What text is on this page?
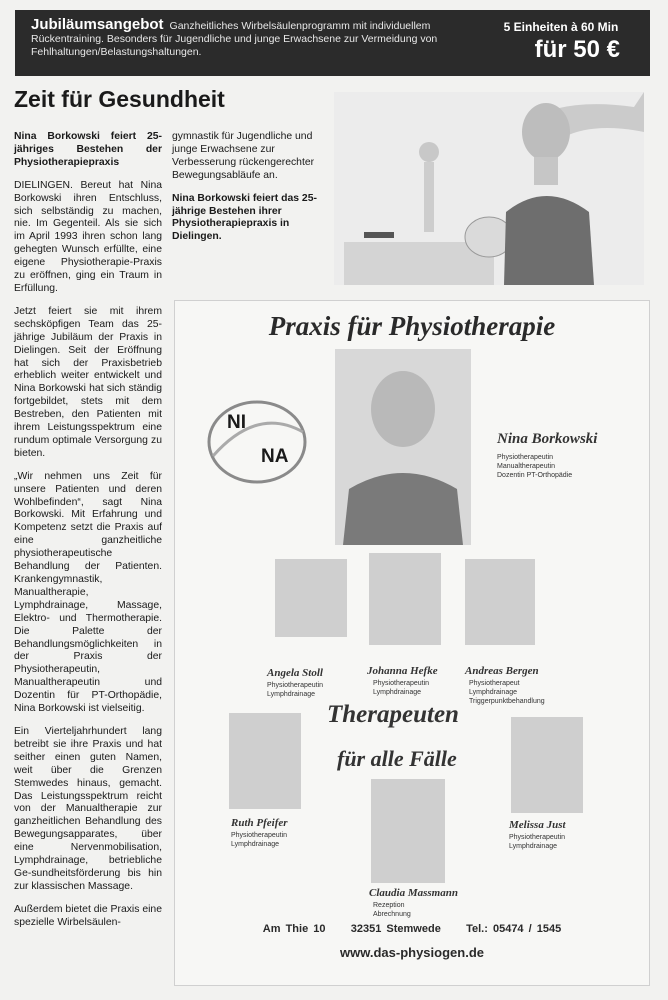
Jubiläumsangebot Ganzheitliches Wirbelsäulenprogramm mit individuellem Rückentraining. Besonders für Jugendliche und junge Erwachsene zur Vermeidung von Fehlhaltungen/Belastungshaltungen.
5 Einheiten à 60 Min
für 50 €
Zeit für Gesundheit

Nina Borkowski feiert 25-jähriges Bestehen der Physiotherapiepraxis

DIELINGEN. Bereut hat Nina Borkowski ihren Entschluss, sich selbständig zu machen, nie. Im Gegenteil. Als sie sich im April 1993 ihren schon lang gehegten Wunsch erfüllte, eine eigene Physiotherapie-Praxis zu eröffnen, ging ein Traum in Erfüllung.

Jetzt feiert sie mit ihrem sechsköpfigen Team das 25-jährige Jubiläum der Praxis in Dielingen. Seit der Eröffnung hat sich der Praxisbetrieb erheblich weiter entwickelt und Nina Borkowski hat sich ständig fortgebildet, stets mit dem Bestreben, den Patienten mit ihrem Leistungsspektrum eine rundum optimale Versorgung zu bieten.

„Wir nehmen uns Zeit für unsere Patienten und deren Wohlbefinden“, sagt Nina Borkowski. Mit Erfahrung und Kompetenz setzt die Praxis auf eine ganzheitliche physiotherapeutische Behandlung der Patienten. Krankengymnastik, Manualtherapie, Lymphdrainage, Massage, Elektro- und Thermotherapie. Die Palette der Behandlungsmöglichkeiten in der Praxis der Physiotherapeutin, Manualtherapeutin und Dozentin für PT-Orthopädie, Nina Borkowski ist vielseitig.

Ein Vierteljahrhundert lang betreibt sie ihre Praxis und hat seither einen guten Namen, weit über die Grenzen Stemwedes hinaus, gemacht. Das Leistungsspektrum reicht von der Manualtherapie zur ganzheitlichen Behandlung des Bewegungsapparates, über eine Nervenmobilisation, Lymphdrainage, betriebliche Ge-sundheitsförderung bis hin zur klassischen Massage.

Außerdem bietet die Praxis eine spezielle Wirbelsäulen-

gymnastik für Jugendliche und junge Erwachsene zur Verbesserung rückengerechter Bewegungsabläufe an.

Nina Borkowski feiert das 25-jährige Bestehen ihrer Physiotherapiepraxis in Dielingen.

Praxis für Physiotherapie
NI
NA
Nina Borkowski
Physiotherapeutin
Manualtherapeutin
Dozentin PT-Orthopädie
Angela Stoll
Physiotherapeutin
Lymphdrainage
Johanna Hefke
Physiotherapeutin
Lymphdrainage
Andreas Bergen
Physiotherapeut
Lymphdrainage
Triggerpunktbehandlung
Therapeuten
für alle Fälle
Ruth Pfeifer
Physiotherapeutin
Lymphdrainage
Melissa Just
Physiotherapeutin
Lymphdrainage
Claudia Massmann
Rezeption
Abrechnung
Am Thie 10 32351 Stemwede Tel.: 05474 / 1545
www.das-physiogen.de
